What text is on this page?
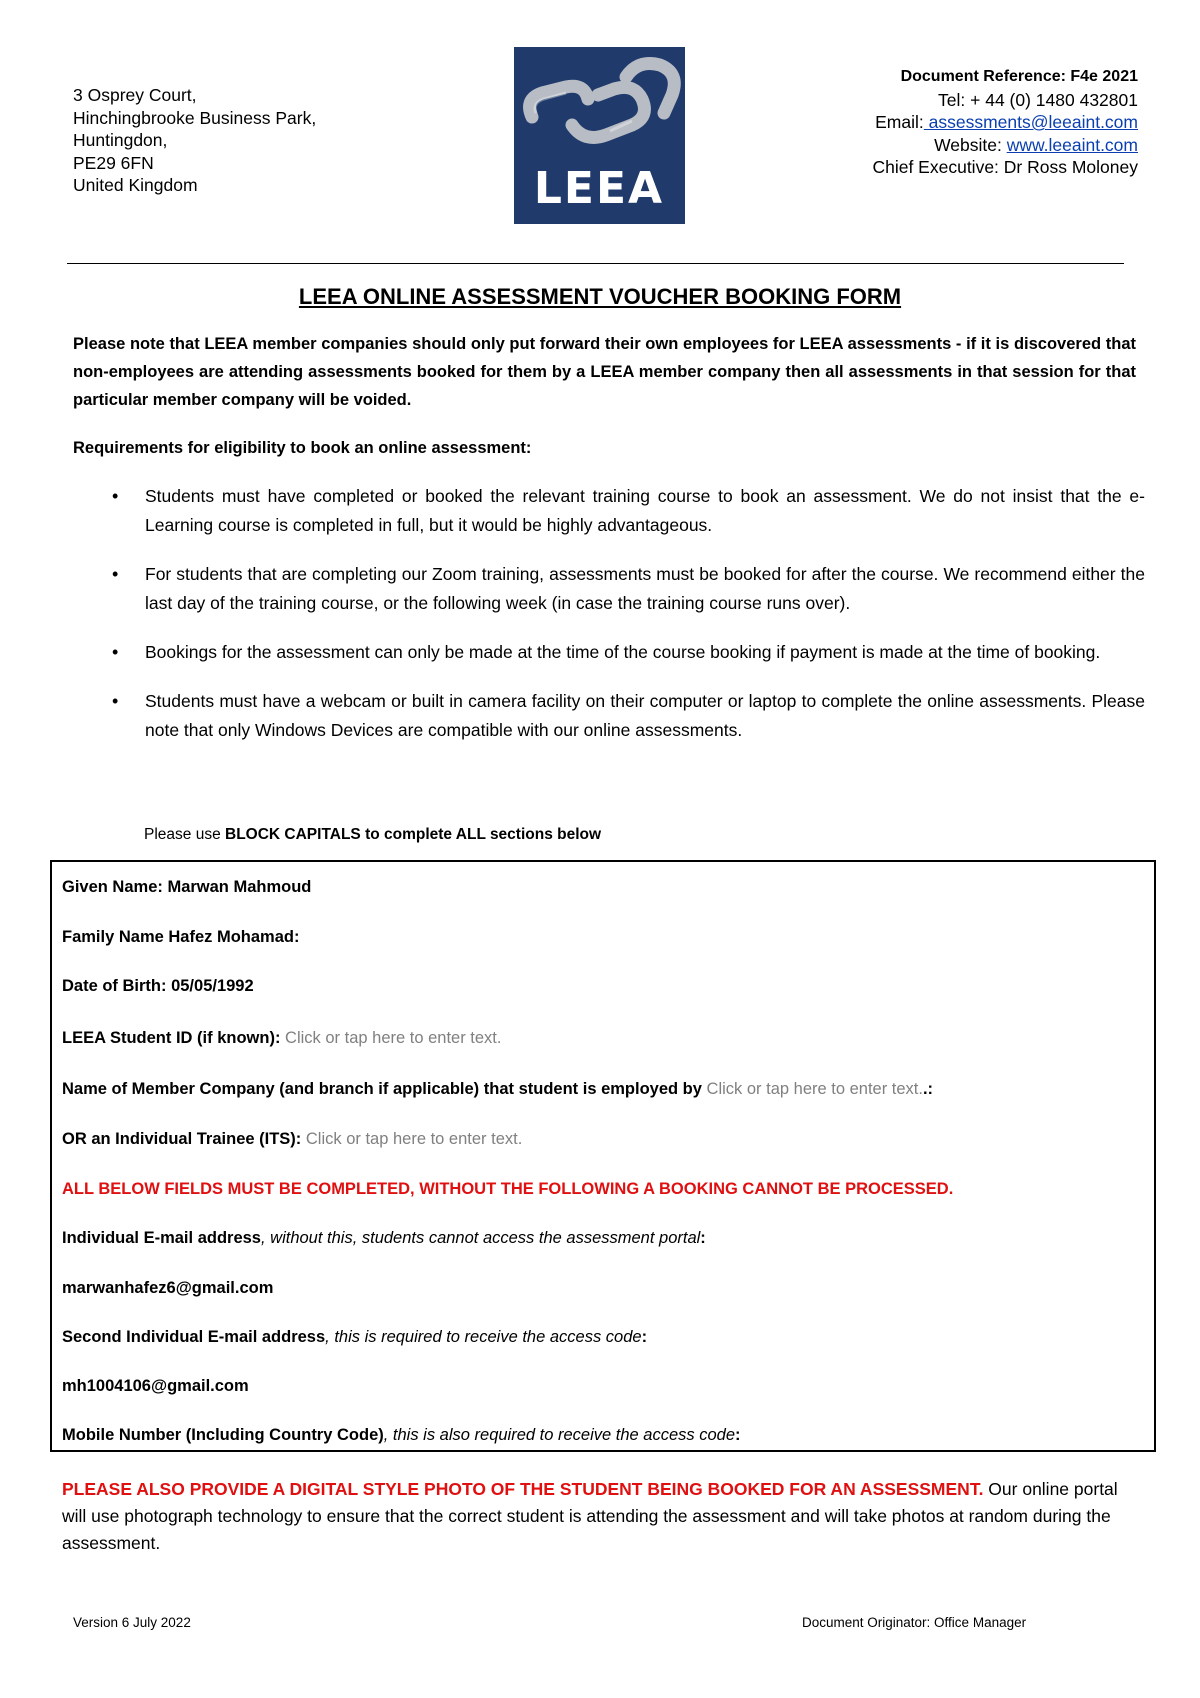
3 Osprey Court,
Hinchingbrooke Business Park,
Huntingdon,
PE29 6FN
United Kingdom	LEEA
Document Reference: F4e 2021
Tel: + 44 (0) 1480 432801
Email: assessments@leeaint.com
Website: www.leeaint.com
Chief Executive: Dr Ross Moloney
LEEA ONLINE ASSESSMENT VOUCHER BOOKING FORM
Please note that LEEA member companies should only put forward their own employees for LEEA assessments - if it is discovered that non-employees are attending assessments booked for them by a LEEA member company then all assessments in that session for that particular member company will be voided.
Requirements for eligibility to book an online assessment:
• Students must have completed or booked the relevant training course to book an assessment. We do not insist that the e-Learning course is completed in full, but it would be highly advantageous.
• For students that are completing our Zoom training, assessments must be booked for after the course. We recommend either the last day of the training course, or the following week (in case the training course runs over).
• Bookings for the assessment can only be made at the time of the course booking if payment is made at the time of booking.
• Students must have a webcam or built in camera facility on their computer or laptop to complete the online assessments. Please note that only Windows Devices are compatible with our online assessments.
Please use BLOCK CAPITALS to complete ALL sections below
Given Name: Marwan Mahmoud
Family Name Hafez Mohamad:
Date of Birth: 05/05/1992
LEEA Student ID (if known): Click or tap here to enter text.
Name of Member Company (and branch if applicable) that student is employed by Click or tap here to enter text..:
OR an Individual Trainee (ITS): Click or tap here to enter text.
ALL BELOW FIELDS MUST BE COMPLETED, WITHOUT THE FOLLOWING A BOOKING CANNOT BE PROCESSED.
Individual E-mail address, without this, students cannot access the assessment portal:
marwanhafez6@gmail.com
Second Individual E-mail address, this is required to receive the access code:
mh1004106@gmail.com
Mobile Number (Including Country Code), this is also required to receive the access code:
PLEASE ALSO PROVIDE A DIGITAL STYLE PHOTO OF THE STUDENT BEING BOOKED FOR AN ASSESSMENT. Our online portal will use photograph technology to ensure that the correct student is attending the assessment and will take photos at random during the assessment.
Version 6 July 2022	Document Originator: Office Manager
